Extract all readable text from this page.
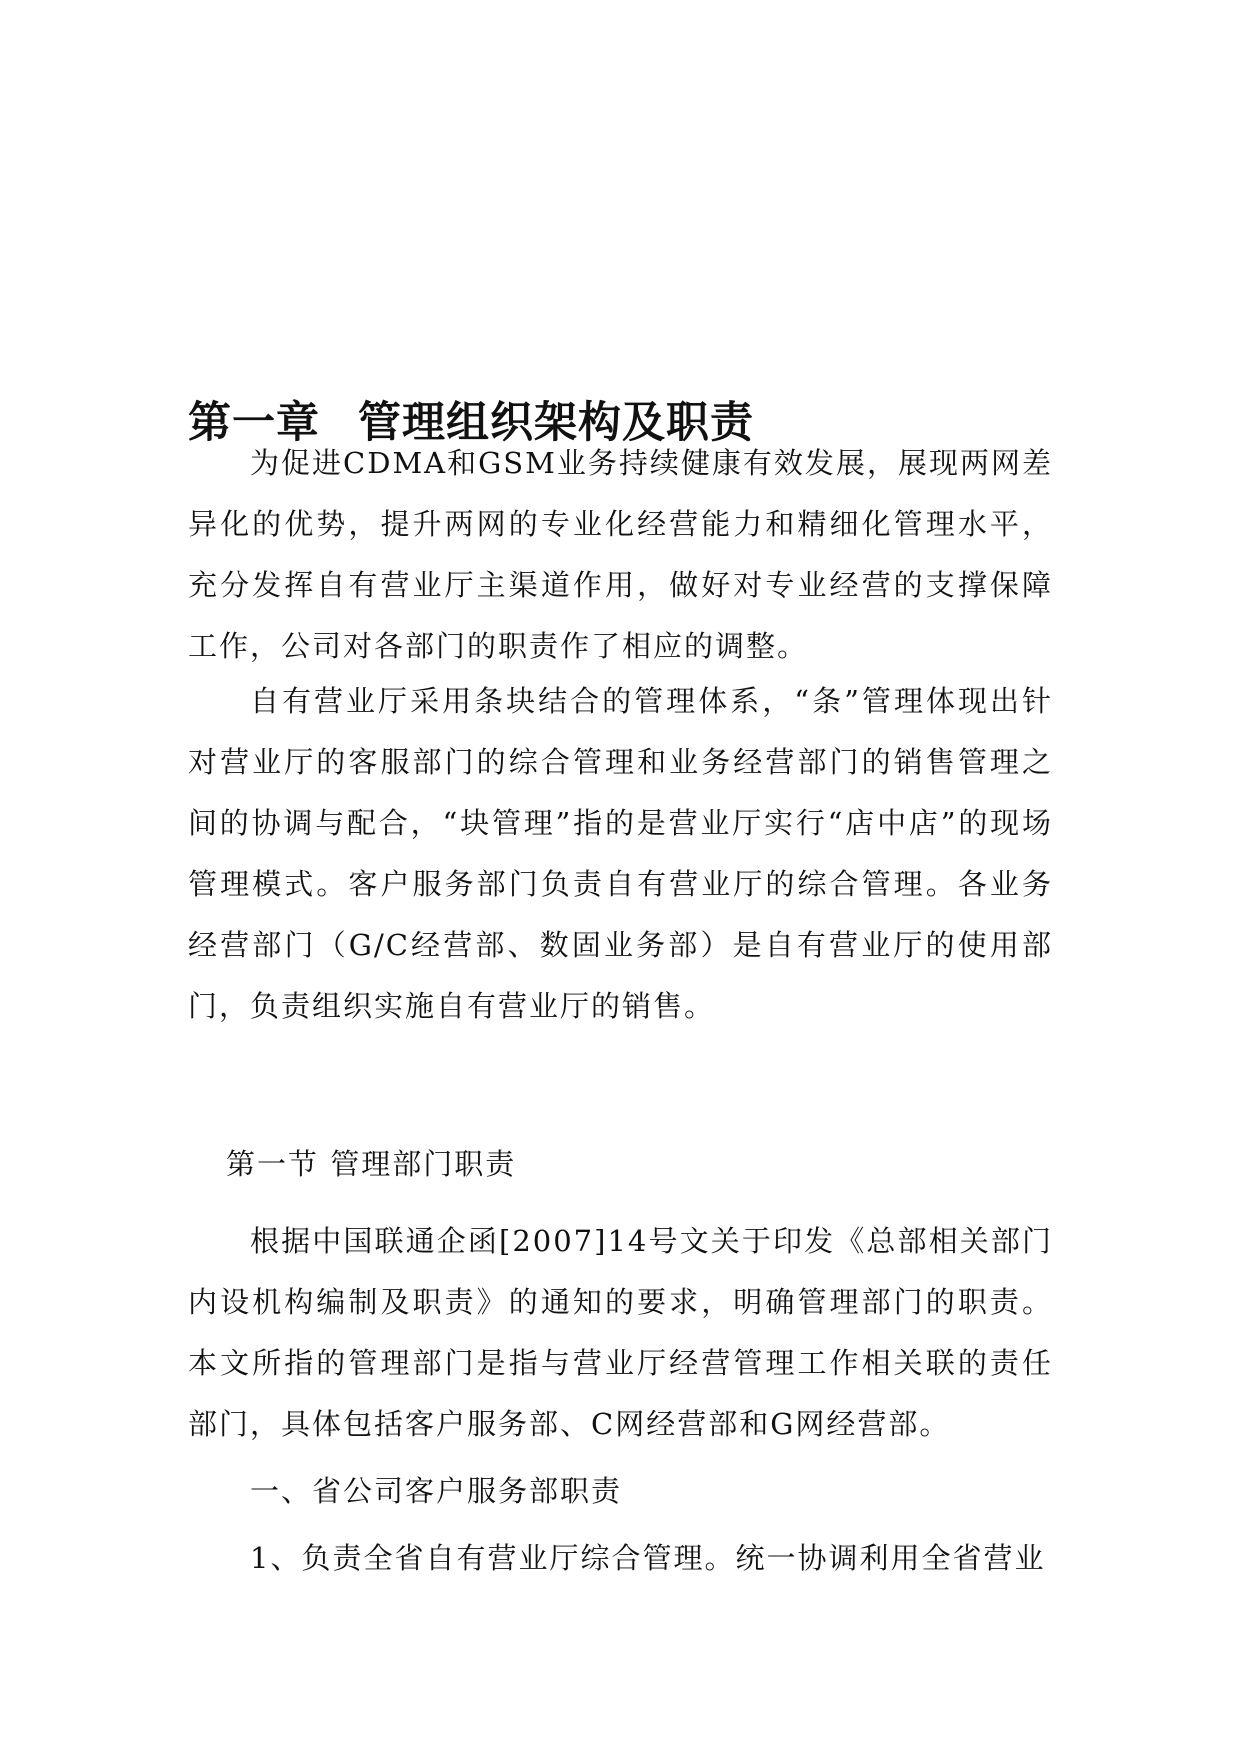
第一章 管理组织架构及职责

为促进CDMA和GSM业务持续健康有效发展，展现两网差异化的优势，提升两网的专业化经营能力和精细化管理水平，充分发挥自有营业厅主渠道作用，做好对专业经营的支撑保障工作，公司对各部门的职责作了相应的调整。

自有营业厅采用条块结合的管理体系，“条”管理体现出针对营业厅的客服部门的综合管理和业务经营部门的销售管理之间的协调与配合，“块管理”指的是营业厅实行“店中店”的现场管理模式。客户服务部门负责自有营业厅的综合管理。各业务经营部门（G/C经营部、数固业务部）是自有营业厅的使用部门，负责组织实施自有营业厅的销售。

第一节 管理部门职责

根据中国联通企函[2007]14号文关于印发《总部相关部门内设机构编制及职责》的通知的要求，明确管理部门的职责。本文所指的管理部门是指与营业厅经营管理工作相关联的责任部门，具体包括客户服务部、C网经营部和G网经营部。

一、省公司客户服务部职责

1、负责全省自有营业厅综合管理。统一协调利用全省营业
